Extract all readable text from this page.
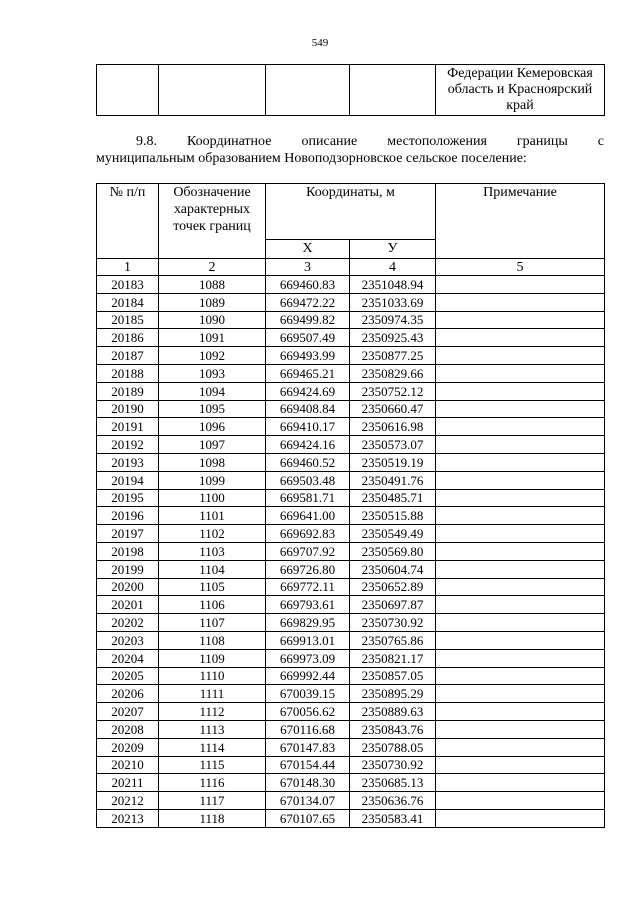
549
				Федерации Кемеровская область и Красноярский край
9.8. Координатное описание местоположения границы с
муниципальным образованием Новоподзорновское сельское поселение:
№ п/п	Обозначение характерных точек границ	Координаты, м		Примечание
		X	У	
1	2	3	4	5
20183	1088	669460.83	2351048.94	
20184	1089	669472.22	2351033.69	
20185	1090	669499.82	2350974.35	
20186	1091	669507.49	2350925.43	
20187	1092	669493.99	2350877.25	
20188	1093	669465.21	2350829.66	
20189	1094	669424.69	2350752.12	
20190	1095	669408.84	2350660.47	
20191	1096	669410.17	2350616.98	
20192	1097	669424.16	2350573.07	
20193	1098	669460.52	2350519.19	
20194	1099	669503.48	2350491.76	
20195	1100	669581.71	2350485.71	
20196	1101	669641.00	2350515.88	
20197	1102	669692.83	2350549.49	
20198	1103	669707.92	2350569.80	
20199	1104	669726.80	2350604.74	
20200	1105	669772.11	2350652.89	
20201	1106	669793.61	2350697.87	
20202	1107	669829.95	2350730.92	
20203	1108	669913.01	2350765.86	
20204	1109	669973.09	2350821.17	
20205	1110	669992.44	2350857.05	
20206	1111	670039.15	2350895.29	
20207	1112	670056.62	2350889.63	
20208	1113	670116.68	2350843.76	
20209	1114	670147.83	2350788.05	
20210	1115	670154.44	2350730.92	
20211	1116	670148.30	2350685.13	
20212	1117	670134.07	2350636.76	
20213	1118	670107.65	2350583.41	
